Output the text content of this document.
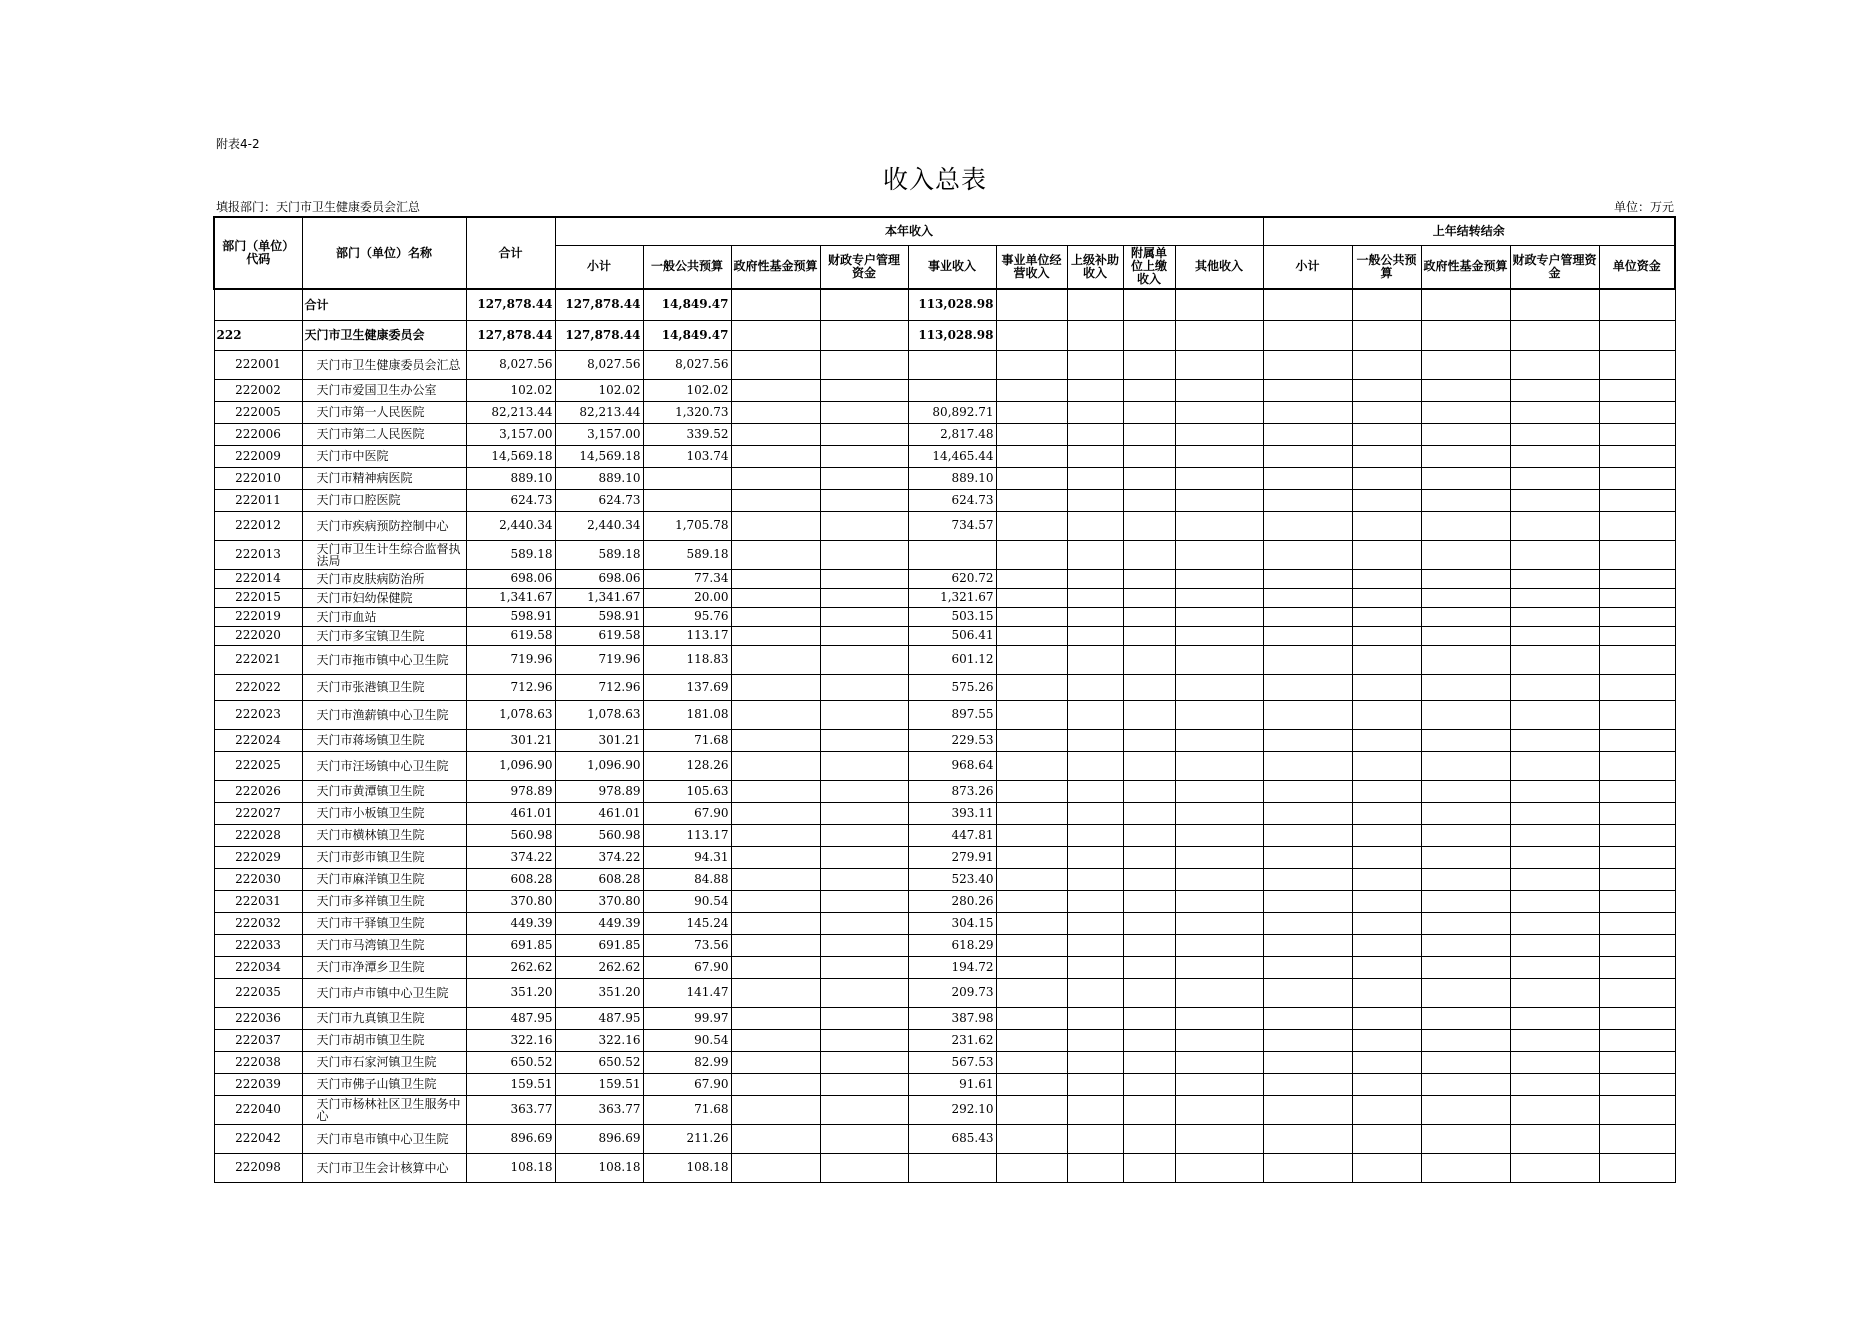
附表4-2
收入总表
填报部门：天门市卫生健康委员会汇总	单位：万元
部门（单位）代码	部门（单位）名称	合计	本年收入									上年结转结余				
			小计	一般公共预算	政府性基金预算	财政专户管理资金	事业收入	事业单位经营收入	上级补助收入	附属单位上缴收入	其他收入	小计	一般公共预算	政府性基金预算	财政专户管理资金	单位资金
	合计	127,878.44	127,878.44	14,849.47			113,028.98									
222	天门市卫生健康委员会	127,878.44	127,878.44	14,849.47			113,028.98									
222001	天门市卫生健康委员会汇总	8,027.56	8,027.56	8,027.56												
222002	天门市爱国卫生办公室	102.02	102.02	102.02												
222005	天门市第一人民医院	82,213.44	82,213.44	1,320.73			80,892.71									
222006	天门市第二人民医院	3,157.00	3,157.00	339.52			2,817.48									
222009	天门市中医院	14,569.18	14,569.18	103.74			14,465.44									
222010	天门市精神病医院	889.10	889.10				889.10									
222011	天门市口腔医院	624.73	624.73				624.73									
222012	天门市疾病预防控制中心	2,440.34	2,440.34	1,705.78			734.57									
222013	天门市卫生计生综合监督执法局	589.18	589.18	589.18												
222014	天门市皮肤病防治所	698.06	698.06	77.34			620.72									
222015	天门市妇幼保健院	1,341.67	1,341.67	20.00			1,321.67									
222019	天门市血站	598.91	598.91	95.76			503.15									
222020	天门市多宝镇卫生院	619.58	619.58	113.17			506.41									
222021	天门市拖市镇中心卫生院	719.96	719.96	118.83			601.12									
222022	天门市张港镇卫生院	712.96	712.96	137.69			575.26									
222023	天门市渔薪镇中心卫生院	1,078.63	1,078.63	181.08			897.55									
222024	天门市蒋场镇卫生院	301.21	301.21	71.68			229.53									
222025	天门市汪场镇中心卫生院	1,096.90	1,096.90	128.26			968.64									
222026	天门市黄潭镇卫生院	978.89	978.89	105.63			873.26									
222027	天门市小板镇卫生院	461.01	461.01	67.90			393.11									
222028	天门市横林镇卫生院	560.98	560.98	113.17			447.81									
222029	天门市彭市镇卫生院	374.22	374.22	94.31			279.91									
222030	天门市麻洋镇卫生院	608.28	608.28	84.88			523.40									
222031	天门市多祥镇卫生院	370.80	370.80	90.54			280.26									
222032	天门市干驿镇卫生院	449.39	449.39	145.24			304.15									
222033	天门市马湾镇卫生院	691.85	691.85	73.56			618.29									
222034	天门市净潭乡卫生院	262.62	262.62	67.90			194.72									
222035	天门市卢市镇中心卫生院	351.20	351.20	141.47			209.73									
222036	天门市九真镇卫生院	487.95	487.95	99.97			387.98									
222037	天门市胡市镇卫生院	322.16	322.16	90.54			231.62									
222038	天门市石家河镇卫生院	650.52	650.52	82.99			567.53									
222039	天门市佛子山镇卫生院	159.51	159.51	67.90			91.61									
222040	天门市杨林社区卫生服务中心	363.77	363.77	71.68			292.10									
222042	天门市皂市镇中心卫生院	896.69	896.69	211.26			685.43									
222098	天门市卫生会计核算中心	108.18	108.18	108.18												
